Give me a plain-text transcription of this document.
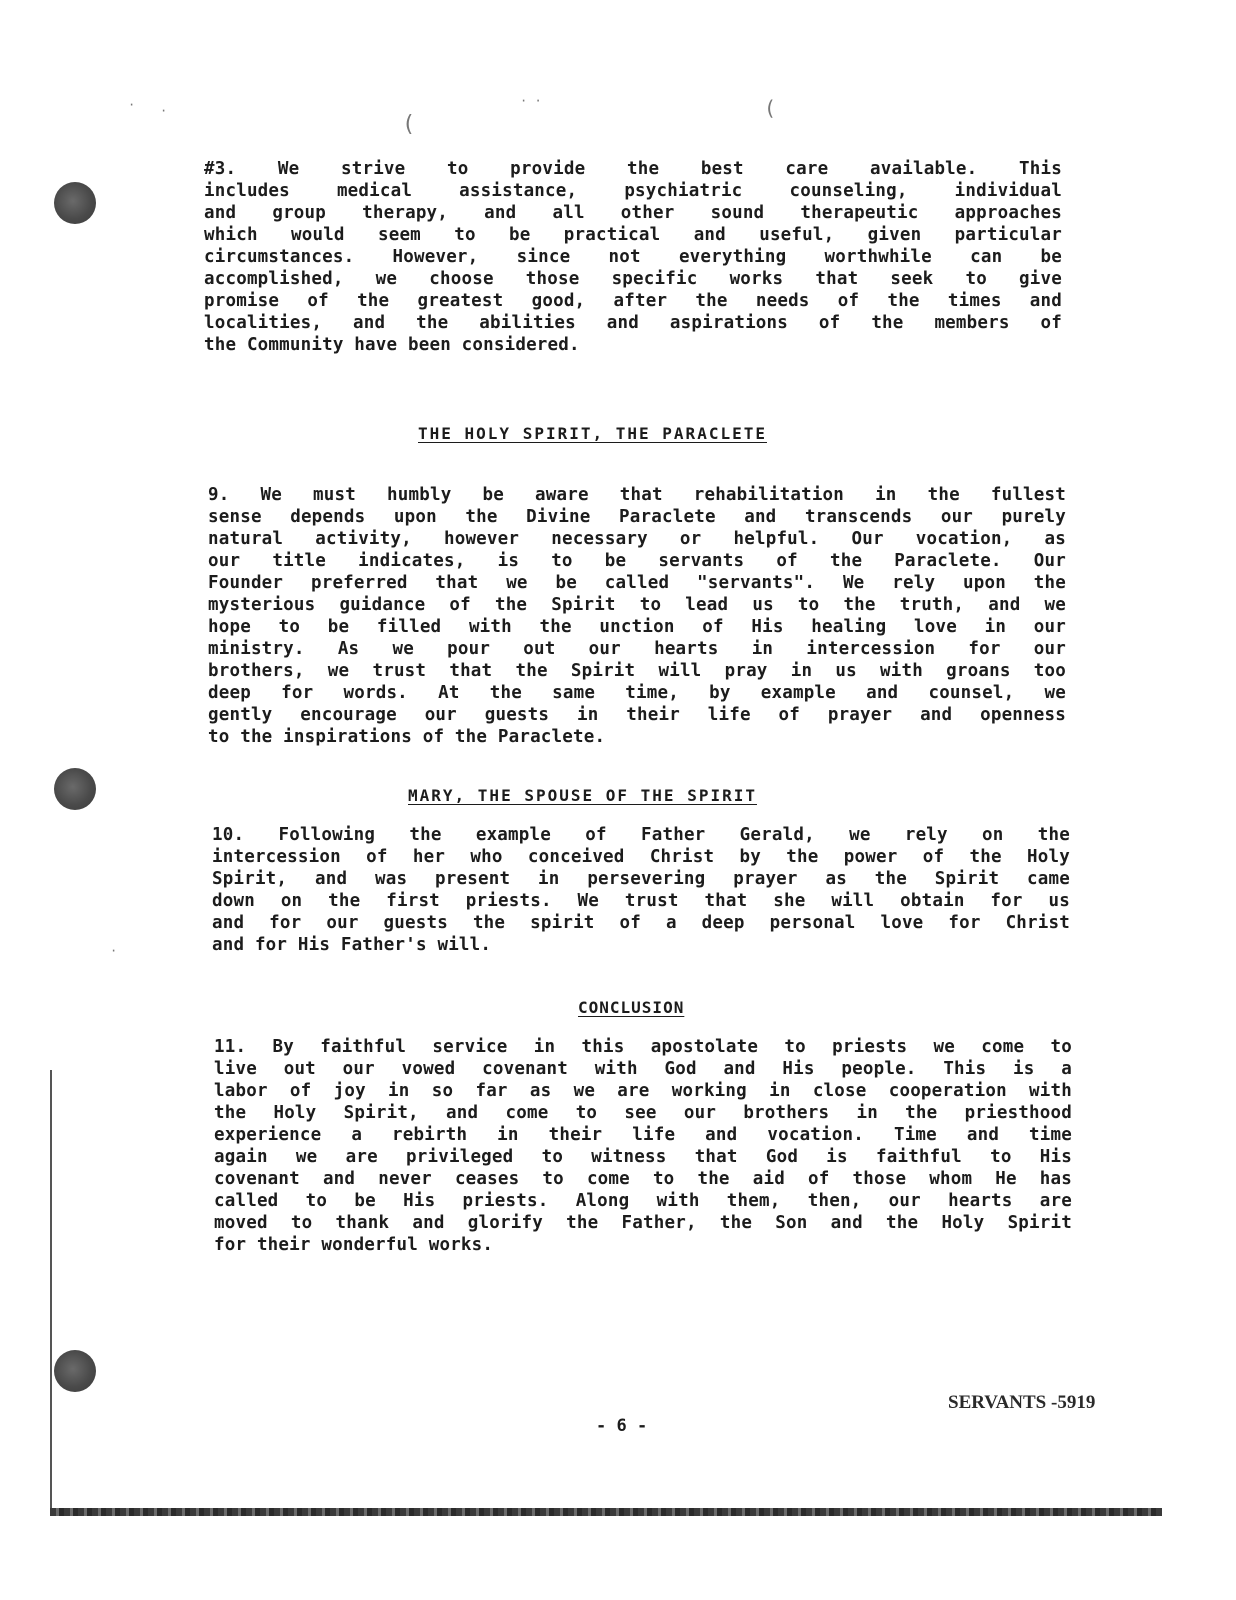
· ·
(
(
· ·
·
#3. We strive to provide the best care available. This
includes medical assistance, psychiatric counseling, individual
and group therapy, and all other sound therapeutic approaches
which would seem to be practical and useful, given particular
circumstances. However, since not everything worthwhile can be
accomplished, we choose those specific works that seek to give
promise of the greatest good, after the needs of the times and
localities, and the abilities and aspirations of the members of
the Community have been considered.

THE HOLY SPIRIT, THE PARACLETE

9. We must humbly be aware that rehabilitation in the fullest
sense depends upon the Divine Paraclete and transcends our purely
natural activity, however necessary or helpful. Our vocation, as
our title indicates, is to be servants of the Paraclete. Our
Founder preferred that we be called "servants". We rely upon the
mysterious guidance of the Spirit to lead us to the truth, and we
hope to be filled with the unction of His healing love in our
ministry. As we pour out our hearts in intercession for our
brothers, we trust that the Spirit will pray in us with groans too
deep for words. At the same time, by example and counsel, we
gently encourage our guests in their life of prayer and openness
to the inspirations of the Paraclete.

MARY, THE SPOUSE OF THE SPIRIT

10. Following the example of Father Gerald, we rely on the
intercession of her who conceived Christ by the power of the Holy
Spirit, and was present in persevering prayer as the Spirit came
down on the first priests. We trust that she will obtain for us
and for our guests the spirit of a deep personal love for Christ
and for His Father's will.

CONCLUSION

11. By faithful service in this apostolate to priests we come to
live out our vowed covenant with God and His people. This is a
labor of joy in so far as we are working in close cooperation with
the Holy Spirit, and come to see our brothers in the priesthood
experience a rebirth in their life and vocation. Time and time
again we are privileged to witness that God is faithful to His
covenant and never ceases to come to the aid of those whom He has
called to be His priests. Along with them, then, our hearts are
moved to thank and glorify the Father, the Son and the Holy Spirit
for their wonderful works.

SERVANTS -5919

- 6 -
